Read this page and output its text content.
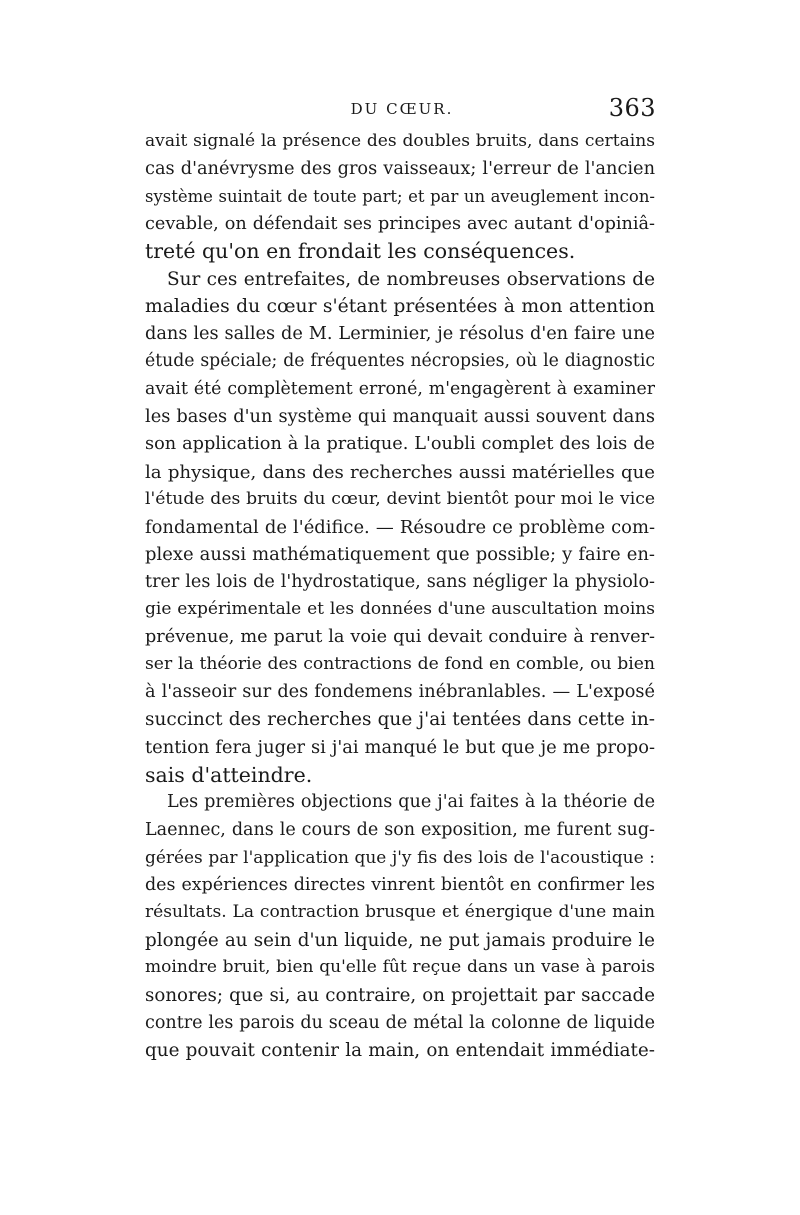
DU CŒUR.	363
avait signalé la présence des doubles bruits, dans certains
cas d'anévrysme des gros vaisseaux; l'erreur de l'ancien
système suintait de toute part; et par un aveuglement incon-
cevable, on défendait ses principes avec autant d'opiniâ-
treté qu'on en frondait les conséquences.
Sur ces entrefaites, de nombreuses observations de
maladies du cœur s'étant présentées à mon attention
dans les salles de M. Lerminier, je résolus d'en faire une
étude spéciale; de fréquentes nécropsies, où le diagnostic
avait été complètement erroné, m'engagèrent à examiner
les bases d'un système qui manquait aussi souvent dans
son application à la pratique. L'oubli complet des lois de
la physique, dans des recherches aussi matérielles que
l'étude des bruits du cœur, devint bientôt pour moi le vice
fondamental de l'édifice. — Résoudre ce problème com-
plexe aussi mathématiquement que possible; y faire en-
trer les lois de l'hydrostatique, sans négliger la physiolo-
gie expérimentale et les données d'une auscultation moins
prévenue, me parut la voie qui devait conduire à renver-
ser la théorie des contractions de fond en comble, ou bien
à l'asseoir sur des fondemens inébranlables. — L'exposé
succinct des recherches que j'ai tentées dans cette in-
tention fera juger si j'ai manqué le but que je me propo-
sais d'atteindre.
Les premières objections que j'ai faites à la théorie de
Laennec, dans le cours de son exposition, me furent sug-
gérées par l'application que j'y fis des lois de l'acoustique :
des expériences directes vinrent bientôt en confirmer les
résultats. La contraction brusque et énergique d'une main
plongée au sein d'un liquide, ne put jamais produire le
moindre bruit, bien qu'elle fût reçue dans un vase à parois
sonores; que si, au contraire, on projettait par saccade
contre les parois du sceau de métal la colonne de liquide
que pouvait contenir la main, on entendait immédiate-
